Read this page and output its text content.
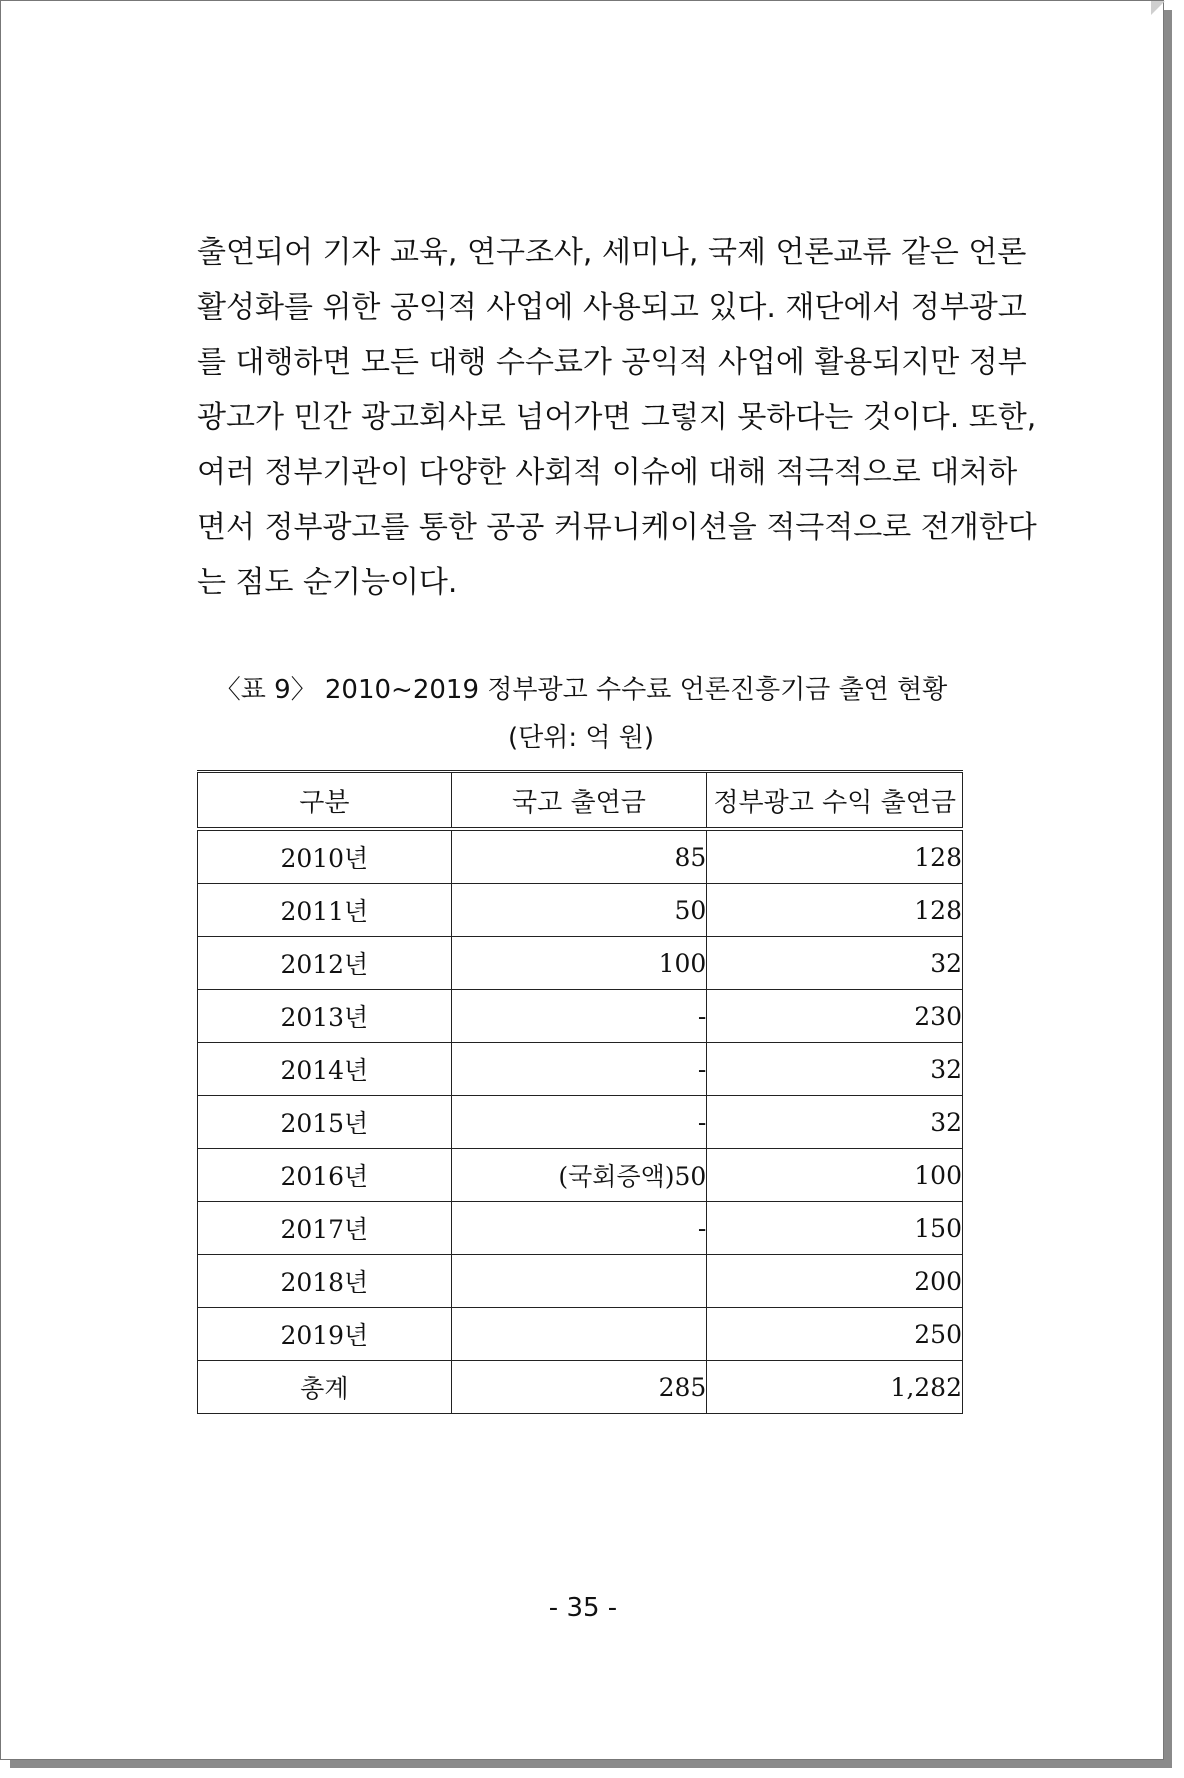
출연되어 기자 교육, 연구조사, 세미나, 국제 언론교류 같은 언론
활성화를 위한 공익적 사업에 사용되고 있다. 재단에서 정부광고
를 대행하면 모든 대행 수수료가 공익적 사업에 활용되지만 정부
광고가 민간 광고회사로 넘어가면 그렇지 못하다는 것이다. 또한,
여러 정부기관이 다양한 사회적 이슈에 대해 적극적으로 대처하
면서 정부광고를 통한 공공 커뮤니케이션을 적극적으로 전개한다
는 점도 순기능이다.
〈표 9〉 2010~2019 정부광고 수수료 언론진흥기금 출연 현황
(단위: 억 원)
구분	국고 출연금	정부광고 수익 출연금
2010년	85	128
2011년	50	128
2012년	100	32
2013년	-	230
2014년	-	32
2015년	-	32
2016년	(국회증액)50	100
2017년	-	150
2018년		200
2019년		250
총계	285	1,282
- 35 -
